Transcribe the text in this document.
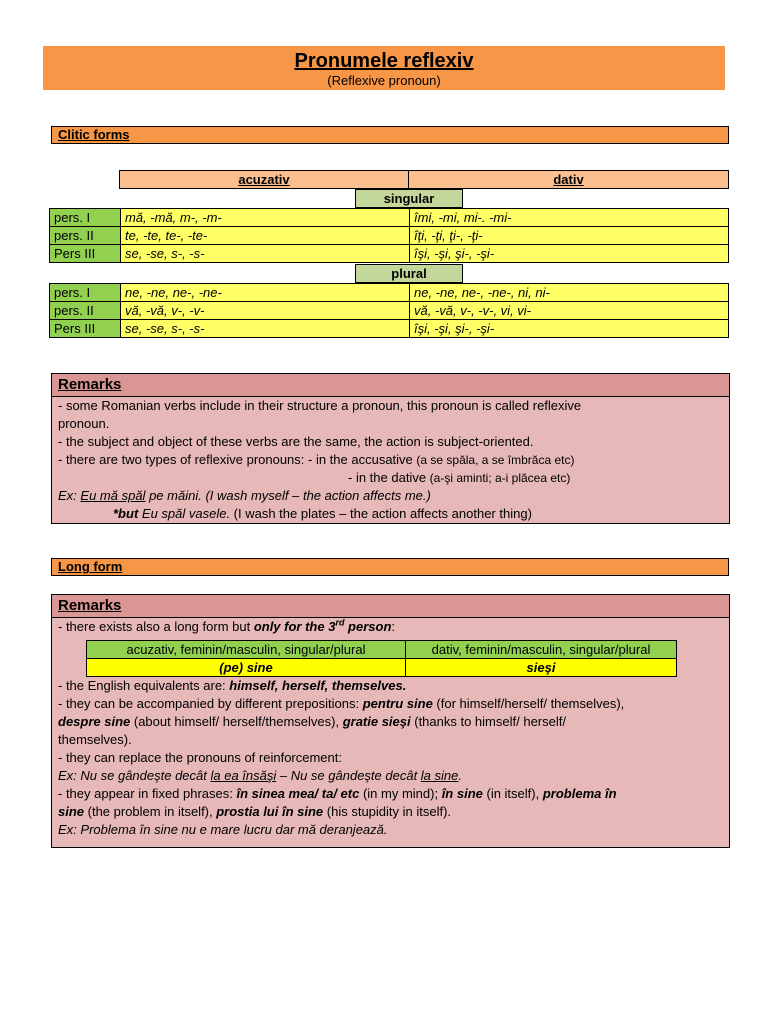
Pronumele reflexiv
(Reflexive pronoun)
Clitic forms
acuzativ	dativ
singular
pers. I	mă, -mă, m-, -m-	îmi, -mi, mi-. -mi-
pers. II	te, -te, te-, -te-	îţi, -ţi, ţi-, -ţi-
Pers III	se, -se, s-, -s-	îşi, -şi, şi-, -şi-
plural
pers. I	ne, -ne, ne-, -ne-	ne, -ne, ne-, -ne-, ni, ni-
pers. II	vă, -vă, v-, -v-	vă, -vă, v-, -v-, vi, vi-
Pers III	se, -se, s-, -s-	îşi, -şi, şi-, -şi-
Remarks
- some Romanian verbs include in their structure a pronoun, this pronoun is called reflexive
pronoun.
- the subject and object of these verbs are the same, the action is subject-oriented.
- there are two types of reflexive pronouns: - in the accusative (a se spăla, a se îmbrăca etc)
- in the dative (a-şi aminti; a-i plăcea etc)
Ex: Eu mă spăl pe măini. (I wash myself – the action affects me.)
*but Eu spăl vasele. (I wash the plates – the action affects another thing)
Long form
Remarks
- there exists also a long form but only for the 3rd person:
acuzativ, feminin/masculin, singular/plural	dativ, feminin/masculin, singular/plural
(pe) sine	sieşi
- the English equivalents are: himself, herself, themselves.
- they can be accompanied by different prepositions: pentru sine (for himself/herself/ themselves),
despre sine (about himself/ herself/themselves), gratie sieşi (thanks to himself/ herself/
themselves).
- they can replace the pronouns of reinforcement:
Ex: Nu se gândeşte decât la ea însăşi – Nu se gândeşte decât la sine.
- they appear in fixed phrases: în sinea mea/ ta/ etc (in my mind); în sine (in itself), problema în
sine (the problem in itself), prostia lui în sine (his stupidity in itself).
Ex: Problema în sine nu e mare lucru dar mă deranjează.
